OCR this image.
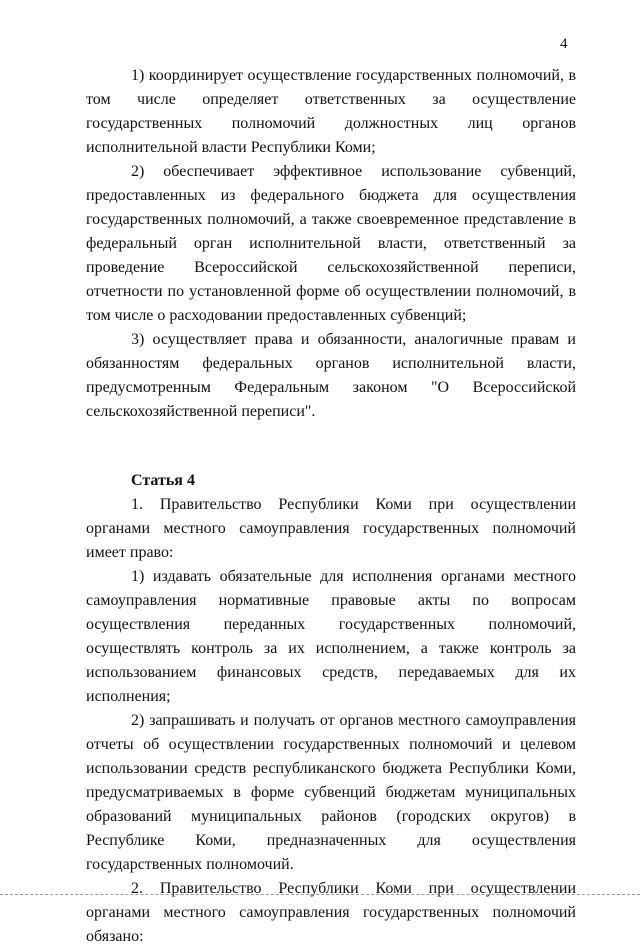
4

1) координирует осуществление государственных полномочий, в том числе определяет ответственных за осуществление государственных полномочий должностных лиц органов исполнительной власти Республики Коми;

2) обеспечивает эффективное использование субвенций, предоставленных из федерального бюджета для осуществления государственных полномочий, а также своевременное представление в федеральный орган исполнительной власти, ответственный за проведение Всероссийской сельскохозяйственной переписи, отчетности по установленной форме об осуществлении полномочий, в том числе о расходовании предоставленных субвенций;

3) осуществляет права и обязанности, аналогичные правам и обязанностям федеральных органов исполнительной власти, предусмотренным Федеральным законом "О Всероссийской сельскохозяйственной переписи".

Статья 4

1. Правительство Республики Коми при осуществлении органами местного самоуправления государственных полномочий имеет право:

1) издавать обязательные для исполнения органами местного самоуправления нормативные правовые акты по вопросам осуществления переданных государственных полномочий, осуществлять контроль за их исполнением, а также контроль за использованием финансовых средств, передаваемых для их исполнения;

2) запрашивать и получать от органов местного самоуправления отчеты об осуществлении государственных полномочий и целевом использовании средств республиканского бюджета Республики Коми, предусматриваемых в форме субвенций бюджетам муниципальных образований муниципальных районов (городских округов) в Республике Коми, предназначенных для осуществления государственных полномочий.

2. Правительство Республики Коми при осуществлении органами местного самоуправления государственных полномочий обязано:
